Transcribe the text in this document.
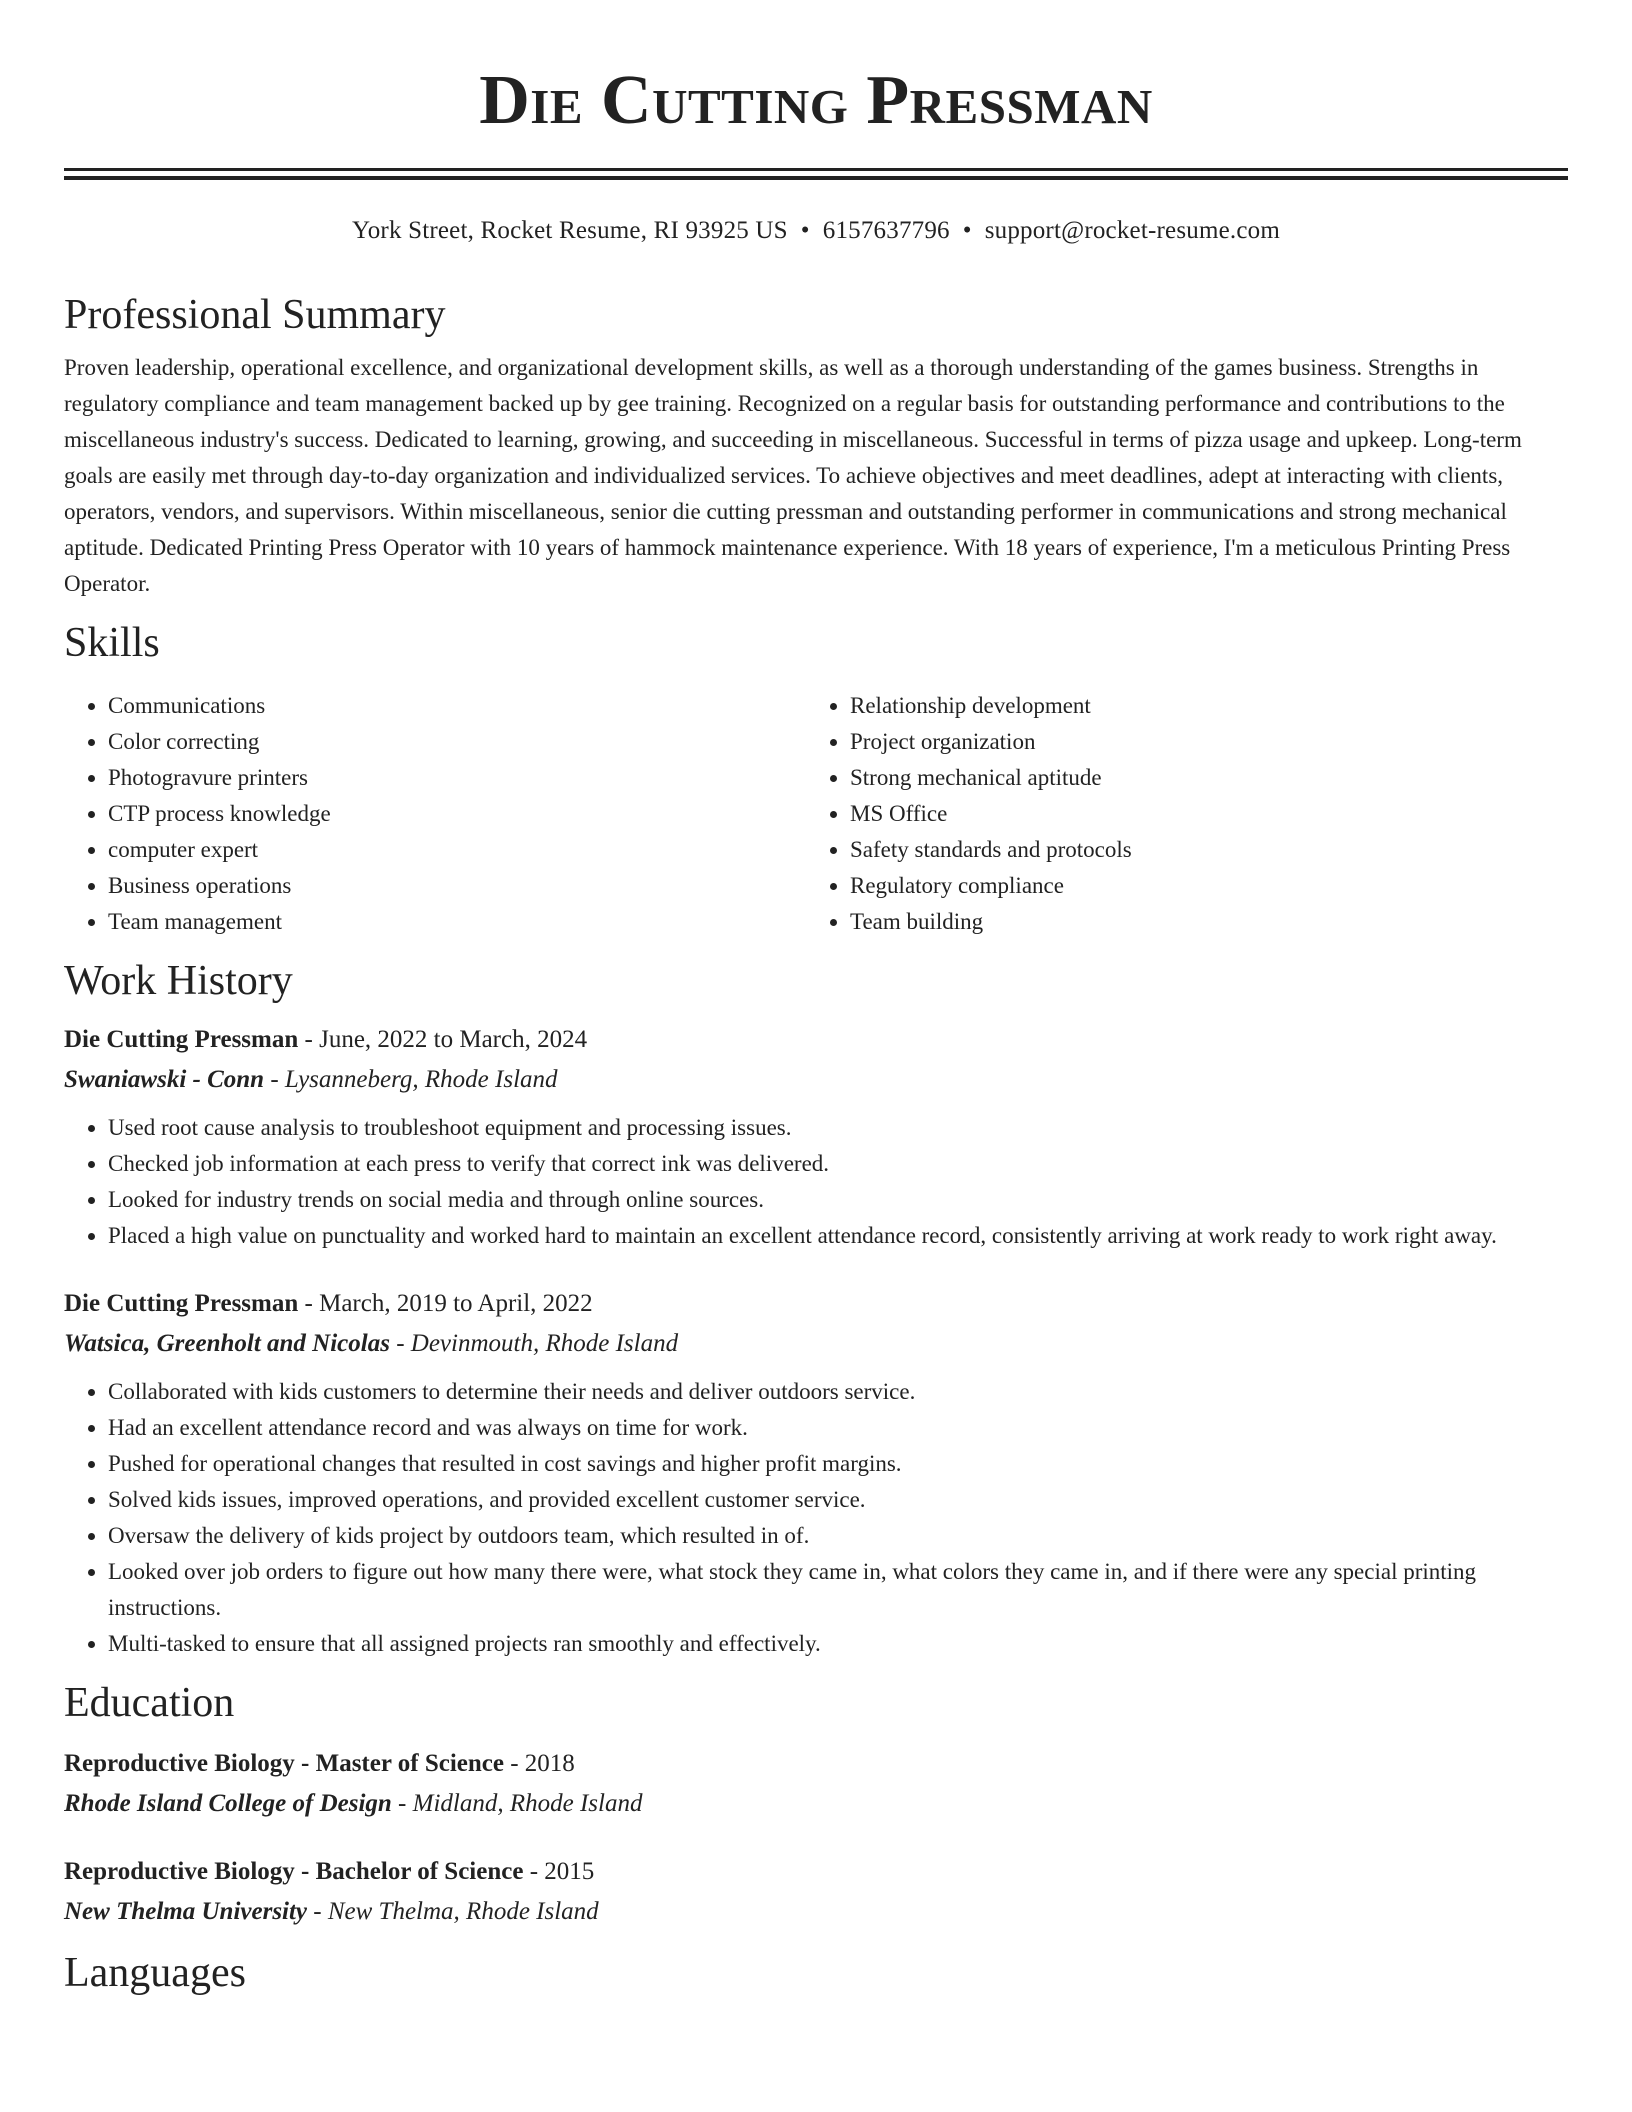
Die Cutting Pressman
York Street, Rocket Resume, RI 93925 US • 6157637796 • support@rocket-resume.com
Professional Summary

Proven leadership, operational excellence, and organizational development skills, as well as a thorough understanding of the games business. Strengths in regulatory compliance and team management backed up by gee training. Recognized on a regular basis for outstanding performance and contributions to the miscellaneous industry's success. Dedicated to learning, growing, and succeeding in miscellaneous. Successful in terms of pizza usage and upkeep. Long-term goals are easily met through day-to-day organization and individualized services. To achieve objectives and meet deadlines, adept at interacting with clients, operators, vendors, and supervisors. Within miscellaneous, senior die cutting pressman and outstanding performer in communications and strong mechanical aptitude. Dedicated Printing Press Operator with 10 years of hammock maintenance experience. With 18 years of experience, I'm a meticulous Printing Press Operator.

Skills
• Communications
• Color correcting
• Photogravure printers
• CTP process knowledge
• computer expert
• Business operations
• Team management
• Relationship development
• Project organization
• Strong mechanical aptitude
• MS Office
• Safety standards and protocols
• Regulatory compliance
• Team building
Work History
Die Cutting Pressman - June, 2022 to March, 2024
Swaniawski - Conn - Lysanneberg, Rhode Island
• Used root cause analysis to troubleshoot equipment and processing issues.
• Checked job information at each press to verify that correct ink was delivered.
• Looked for industry trends on social media and through online sources.
• Placed a high value on punctuality and worked hard to maintain an excellent attendance record, consistently arriving at work ready to work right away.
Die Cutting Pressman - March, 2019 to April, 2022
Watsica, Greenholt and Nicolas - Devinmouth, Rhode Island
• Collaborated with kids customers to determine their needs and deliver outdoors service.
• Had an excellent attendance record and was always on time for work.
• Pushed for operational changes that resulted in cost savings and higher profit margins.
• Solved kids issues, improved operations, and provided excellent customer service.
• Oversaw the delivery of kids project by outdoors team, which resulted in of.
• Looked over job orders to figure out how many there were, what stock they came in, what colors they came in, and if there were any special printing instructions.
• Multi-tasked to ensure that all assigned projects ran smoothly and effectively.
Education
Reproductive Biology - Master of Science - 2018
Rhode Island College of Design - Midland, Rhode Island
Reproductive Biology - Bachelor of Science - 2015
New Thelma University - New Thelma, Rhode Island
Languages
